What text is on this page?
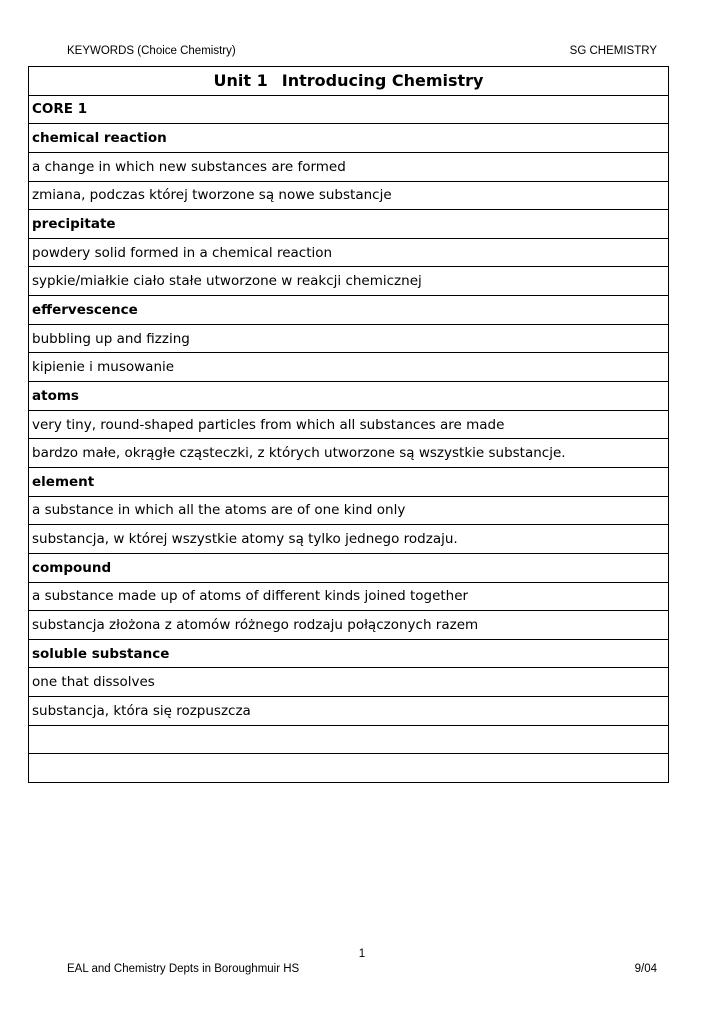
KEYWORDS (Choice Chemistry)	SG CHEMISTRY
Unit 1 Introducing Chemistry
CORE 1
chemical reaction
a change in which new substances are formed
zmiana, podczas której tworzone są nowe substancje
precipitate
powdery solid formed in a chemical reaction
sypkie/miałkie ciało stałe utworzone w reakcji chemicznej
effervescence
bubbling up and fizzing
kipienie i musowanie
atoms
very tiny, round-shaped particles from which all substances are made
bardzo małe, okrągłe cząsteczki, z których utworzone są wszystkie substancje.
element
a substance in which all the atoms are of one kind only
substancja, w której wszystkie atomy są tylko jednego rodzaju.
compound
a substance made up of atoms of different kinds joined together
substancja złożona z atomów różnego rodzaju połączonych razem
soluble substance
one that dissolves
substancja, która się rozpuszcza
1
EAL and Chemistry Depts in Boroughmuir HS	9/04
